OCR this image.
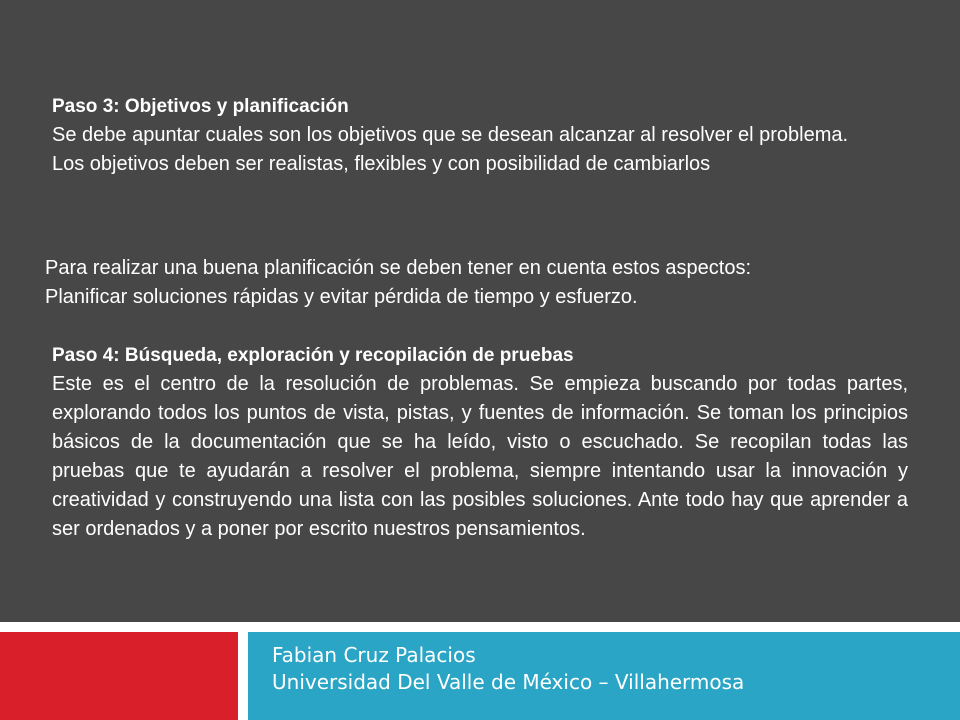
Paso 3: Objetivos y planificación
Se debe apuntar cuales son los objetivos que se desean alcanzar al resolver el problema.
Los objetivos deben ser realistas, flexibles y con posibilidad de cambiarlos
Para realizar una buena planificación se deben tener en cuenta estos aspectos:
Planificar soluciones rápidas y evitar pérdida de tiempo y esfuerzo.
Paso 4: Búsqueda, exploración y recopilación de pruebas
Este es el centro de la resolución de problemas. Se empieza buscando por todas partes, explorando todos los puntos de vista, pistas, y fuentes de información. Se toman los principios básicos de la documentación que se ha leído, visto o escuchado. Se recopilan todas las pruebas que te ayudarán a resolver el problema, siempre intentando usar la innovación y creatividad y construyendo una lista con las posibles soluciones. Ante todo hay que aprender a ser ordenados y a poner por escrito nuestros pensamientos.
Fabian Cruz Palacios
Universidad Del Valle de México – Villahermosa
